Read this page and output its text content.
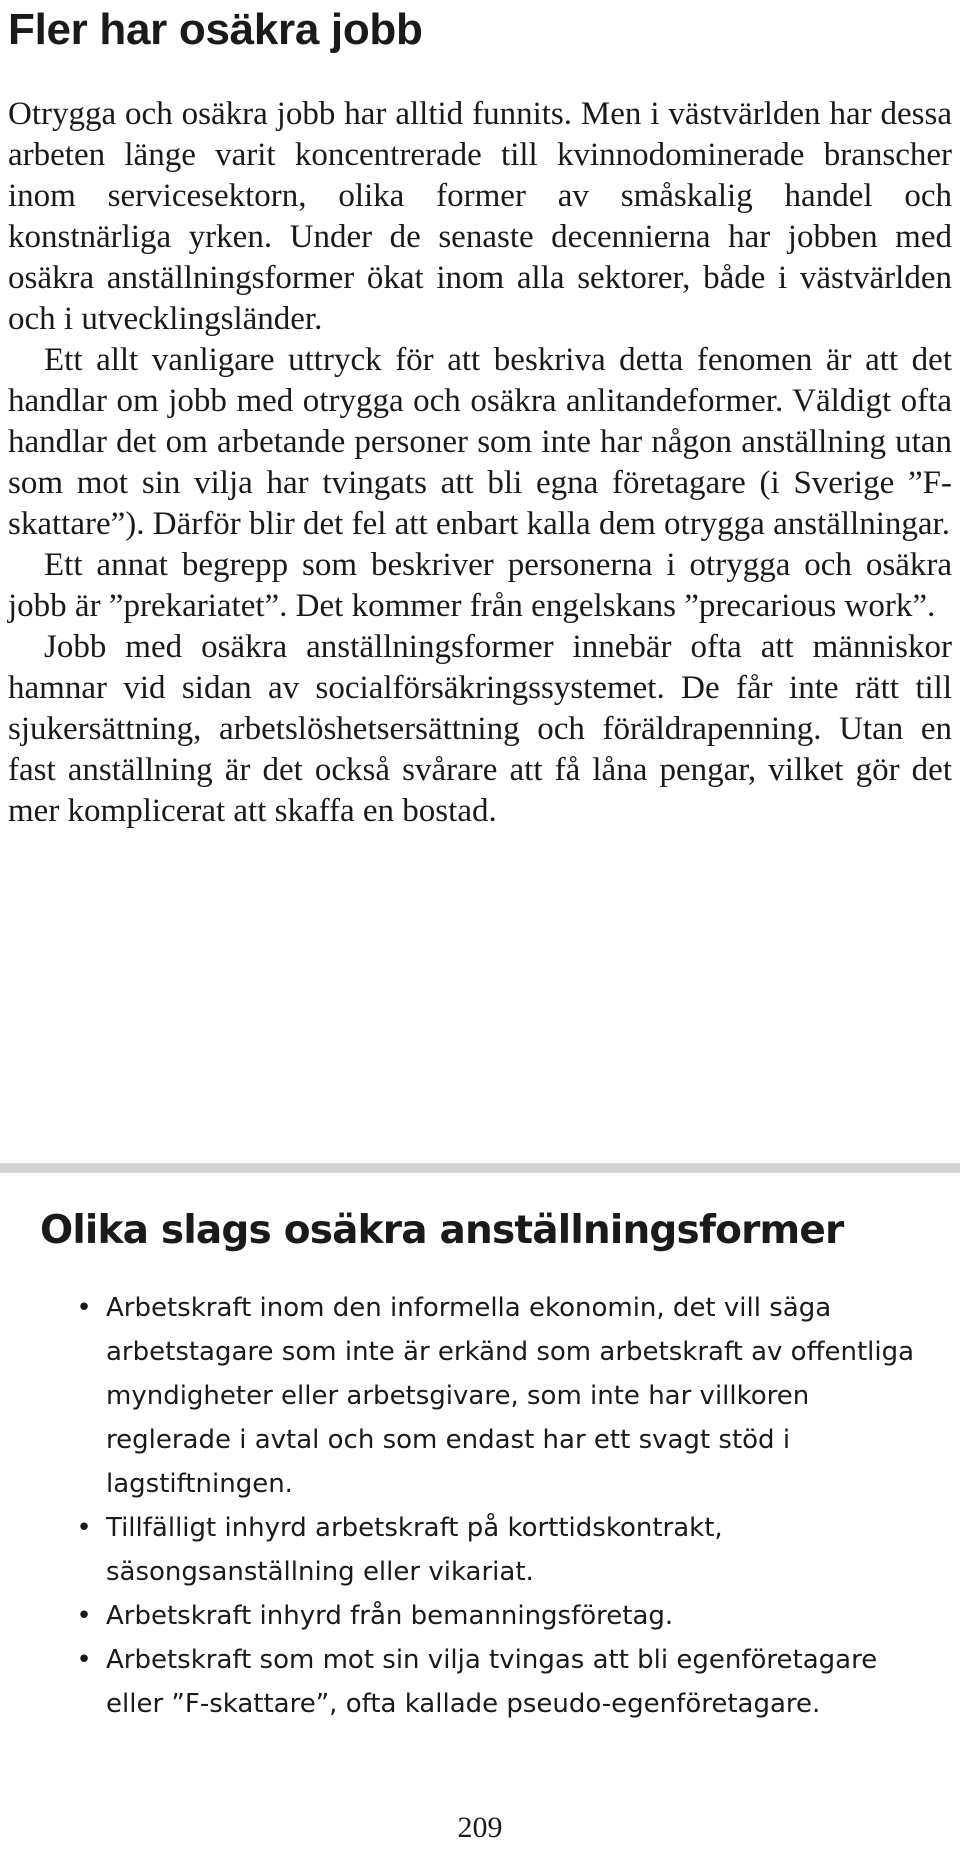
Fler har osäkra jobb

Otrygga och osäkra jobb har alltid funnits. Men i västvärlden har dessa arbeten länge varit koncentrerade till kvinnodominerade branscher inom servicesektorn, olika former av småskalig handel och konstnärliga yrken. Under de senaste decennierna har jobben med osäkra anställningsformer ökat inom alla sektorer, både i västvärlden och i utvecklingsländer.

Ett allt vanligare uttryck för att beskriva detta fenomen är att det handlar om jobb med otrygga och osäkra anlitandeformer. Väldigt ofta handlar det om arbetande personer som inte har någon anställning utan som mot sin vilja har tvingats att bli egna företagare (i Sverige ”F-skattare”). Därför blir det fel att enbart kalla dem otrygga anställningar.

Ett annat begrepp som beskriver personerna i otrygga och osäkra jobb är ”prekariatet”. Det kommer från engelskans ”precarious work”.

Jobb med osäkra anställningsformer innebär ofta att människor hamnar vid sidan av socialförsäkringssystemet. De får inte rätt till sjukersättning, arbetslöshetsersättning och föräldrapenning. Utan en fast anställning är det också svårare att få låna pengar, vilket gör det mer komplicerat att skaffa en bostad.

Olika slags osäkra anställningsformer
• Arbetskraft inom den informella ekonomin, det vill säga arbetstagare som inte är erkänd som arbetskraft av offentliga myndigheter eller arbetsgivare, som inte har villkoren reglerade i avtal och som endast har ett svagt stöd i lagstiftningen.
• Tillfälligt inhyrd arbetskraft på korttidskontrakt, säsongsanställning eller vikariat.
• Arbetskraft inhyrd från bemanningsföretag.
• Arbetskraft som mot sin vilja tvingas att bli egenföretagare eller ”F-skattare”, ofta kallade pseudo-egenföretagare.
209
